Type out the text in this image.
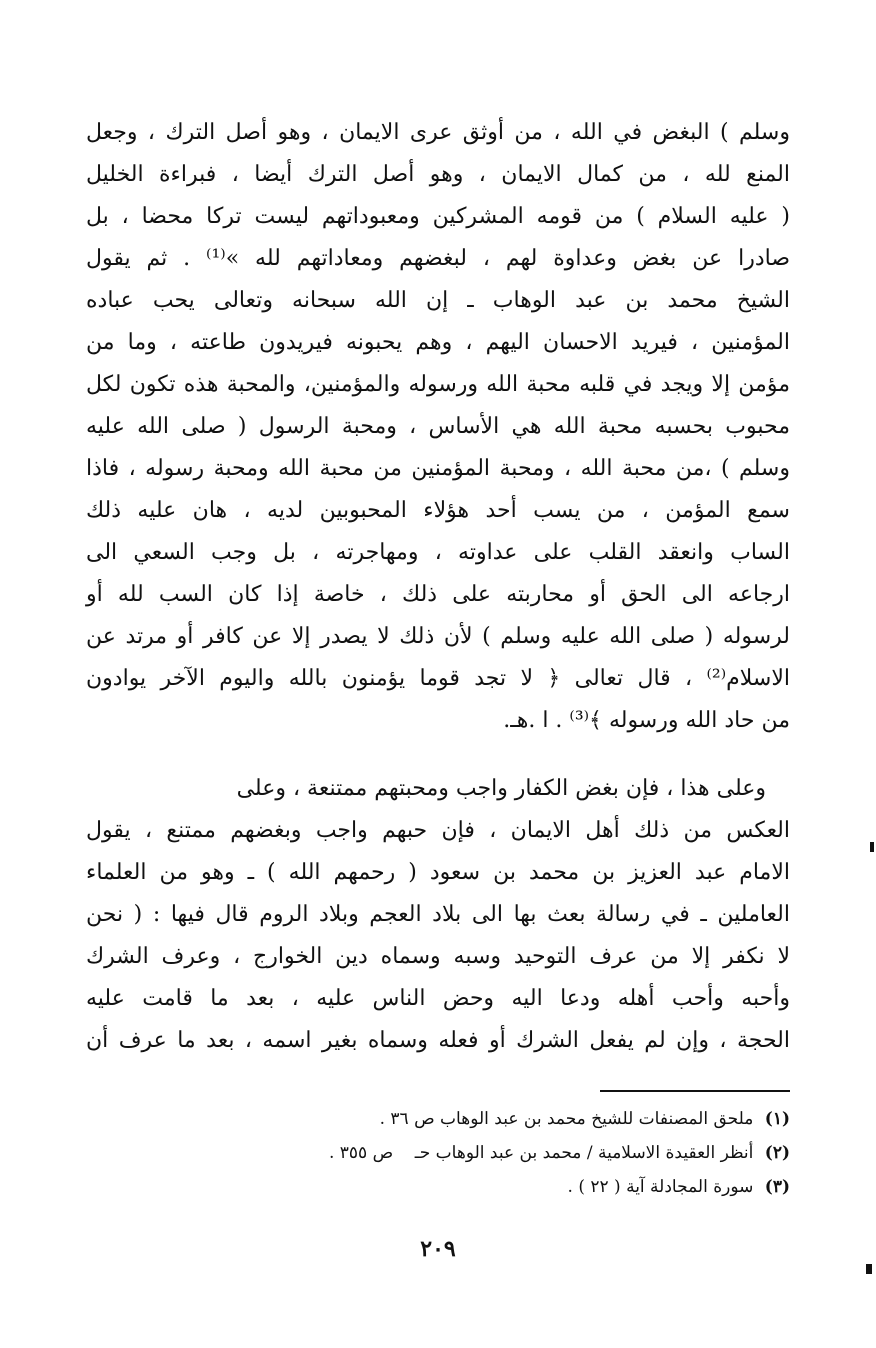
وسلم ) البغض في الله ، من أوثق عرى الايمان ، وهو أصل الترك ، وجعل
المنع لله ، من كمال الايمان ، وهو أصل الترك أيضا ، فبراءة الخليل
( عليه السلام ) من قومه المشركين ومعبوداتهم ليست تركا محضا ، بل
صادرا عن بغض وعداوة لهم ، لبغضهم ومعاداتهم لله »⁽¹⁾ . ثم يقول
الشيخ محمد بن عبد الوهاب ـ إن الله سبحانه وتعالى يحب عباده
المؤمنين ، فيريد الاحسان اليهم ، وهم يحبونه فيريدون طاعته ، وما من
مؤمن إلا ويجد في قلبه محبة الله ورسوله والمؤمنين، والمحبة هذه تكون لكل
محبوب بحسبه محبة الله هي الأساس ، ومحبة الرسول ( صلى الله عليه
وسلم ) ،من محبة الله ، ومحبة المؤمنين من محبة الله ومحبة رسوله ، فاذا
سمع المؤمن ، من يسب أحد هؤلاء المحبوبين لديه ، هان عليه ذلك
الساب وانعقد القلب على عداوته ، ومهاجرته ، بل وجب السعي الى
ارجاعه الى الحق أو محاربته على ذلك ، خاصة إذا كان السب لله أو
لرسوله ( صلى الله عليه وسلم ) لأن ذلك لا يصدر إلا عن كافر أو مرتد عن
الاسلام⁽²⁾ ، قال تعالى ﴿ لا تجد قوما يؤمنون بالله واليوم الآخر يوادون
من حاد الله ورسوله ﴾⁽³⁾ . ا .هـ.
وعلى هذا ، فإن بغض الكفار واجب ومحبتهم ممتنعة ، وعلى
العكس من ذلك أهل الايمان ، فإن حبهم واجب وبغضهم ممتنع ، يقول
الامام عبد العزيز بن محمد بن سعود ( رحمهم الله ) ـ وهو من العلماء
العاملين ـ في رسالة بعث بها الى بلاد العجم وبلاد الروم قال فيها : ( نحن
لا نكفر إلا من عرف التوحيد وسبه وسماه دين الخوارج ، وعرف الشرك
وأحبه وأحب أهله ودعا اليه وحض الناس عليه ، بعد ما قامت عليه
الحجة ، وإن لم يفعل الشرك أو فعله وسماه بغير اسمه ، بعد ما عرف أن
(١) ملحق المصنفات للشيخ محمد بن عبد الوهاب ص ٣٦ .
(٢) أنظر العقيدة الاسلامية / محمد بن عبد الوهاب حـ    ص ٣٥٥ .
(٣) سورة المجادلة آية ( ٢٢ ) .
٢٠٩
